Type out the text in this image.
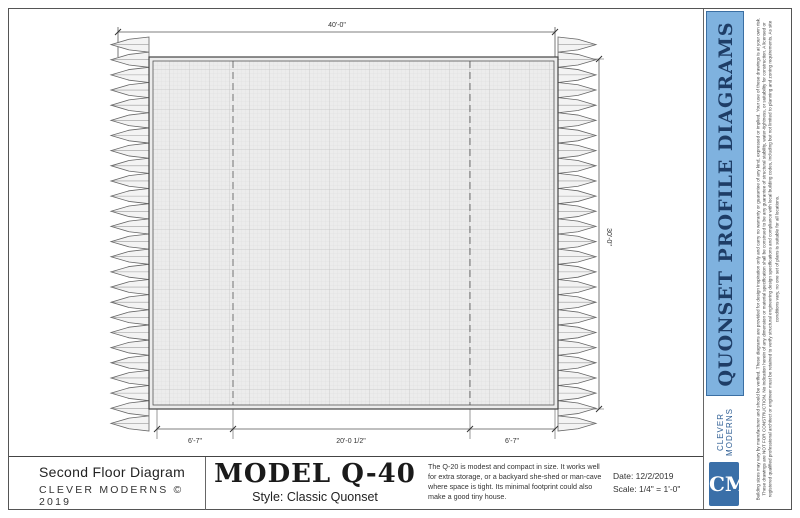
40'-0"
30'-0"
6'-7"	20'-0 1/2"	6'-7"
Second Floor Diagram
CLEVER MODERNS © 2019
MODEL Q-40
Style: Classic Quonset
The Q-20 is modest and compact in size. It works well for extra storage, or a backyard she-shed or man-cave where space is tight. Its minimal footprint could also make a good tiny house.
Date: 12/2/2019
Scale: 1/4" = 1'-0"
QUONSET PROFILE DIAGRAMS	Building sizes may vary by manufacturer and should be verified. These diagrams are provided for design inspiration only and carry no warranty or guarantee of any kind, expressed or implied. Your use of these drawings is at your own risk. These drawings are NOT FOR CONSTRUCTION. No indication herein of any dimension or material specification shall be construed to be any guarantee of structural stability, water-tightness, or suitability for construction. A licensed or registered qualified professional architect or engineer must be retained to verify structural engineering design specifications and compliance with local building codes, including but not limited to planning and zoning requirements. As site conditions vary, no one set of plans is suitable for all locations.
CLEVER
MODERNS
CM
